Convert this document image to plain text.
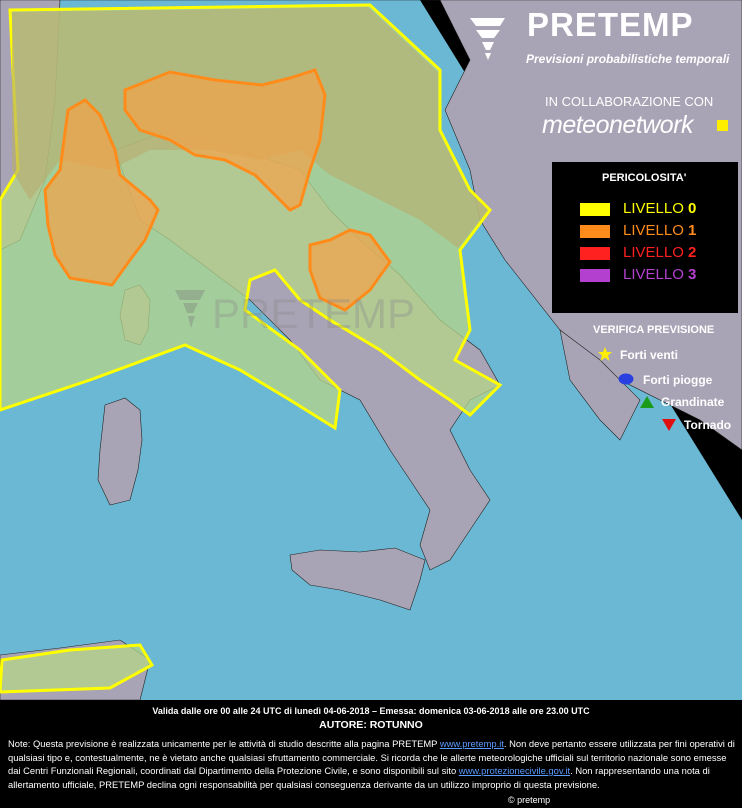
PRETEMP
PRETEMP
Previsioni probabilistiche temporali
IN COLLABORAZIONE CON
meteonetwork
PERICOLOSITA'
LIVELLO 0
LIVELLO 1
LIVELLO 2
LIVELLO 3
VERIFICA PREVISIONE
Forti venti
Forti piogge
Grandinate
Tornado
Valida dalle ore 00 alle 24 UTC di lunedì 04-06-2018 – Emessa: domenica 03-06-2018 alle ore 23.00 UTC
AUTORE: ROTUNNO
Note: Questa previsione è realizzata unicamente per le attività di studio descritte alla pagina PRETEMP www.pretemp.it. Non deve pertanto essere utilizzata per fini operativi di qualsiasi tipo e, contestualmente, ne è vietato anche qualsiasi sfruttamento commerciale. Si ricorda che le allerte meteorologiche ufficiali sul territorio nazionale sono emesse dai Centri Funzionali Regionali, coordinati dal Dipartimento della Protezione Civile, e sono disponibili sul sito www.protezionecivile.gov.it. Non rappresentando una nota di allertamento ufficiale, PRETEMP declina ogni responsabilità per qualsiasi conseguenza derivante da un utilizzo improprio di questa previsione.
© pretemp
